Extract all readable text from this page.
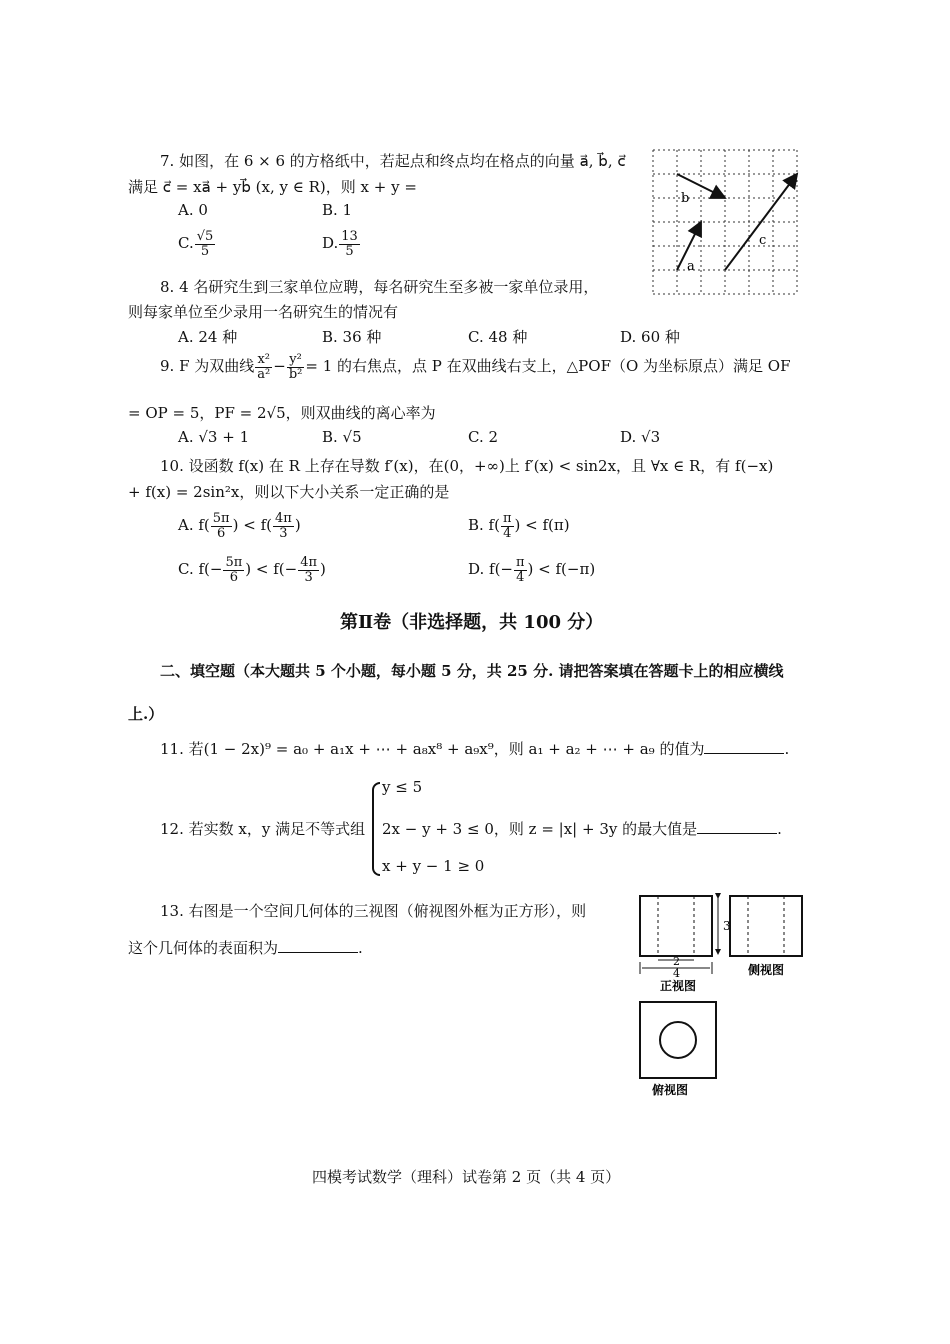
7. 如图，在 6 × 6 的方格纸中，若起点和终点均在格点的向量 a⃗, b⃗, c⃗
满足 c⃗ = xa⃗ + yb⃗ (x, y ∈ R)，则 x + y =
A. 0	B. 1
C. $\frac{√5}{5}$	D. $\frac{13}{5}$
b
a
c
8. 4 名研究生到三家单位应聘，每名研究生至多被一家单位录用，
则每家单位至少录用一名研究生的情况有
A. 24 种	B. 36 种	C. 48 种	D. 60 种
9. F 为双曲线 $\frac{\text{x²}}{\text{a²}} - \frac{\text{y²}}{\text{b²}} = 1$ 的右焦点，点 P 在双曲线右支上，△POF（O 为坐标原点）满足 OF
= OP = 5，PF = 2√5，则双曲线的离心率为
A. √3 + 1	B. √5	C. 2	D. √3
10. 设函数 f(x) 在 R 上存在导数 f′(x)，在(0，+∞)上 f′(x) < sin2x，且 ∀x ∈ R，有 f(−x)
+ f(x) = 2sin²x，则以下大小关系一定正确的是
A. $f( \frac{5\pi}{6}$ ) < $f( \frac{4\pi}{3}$ )	B. $f( \frac{\pi}{4}$ ) < f(π)
C. $f(- \frac{5\pi}{6}$ ) < $f(- \frac{4\pi}{3}$ )	D. $f(- \frac{\pi}{4}$ ) < f(−π)
第Ⅱ卷（非选择题，共 100 分）
二、填空题（本大题共 5 个小题，每小题 5 分，共 25 分. 请把答案填在答题卡上的相应横线
上.）
11. 若(1 − 2x)⁹ = a₀ + a₁x + ⋯ + a₈x⁸ + a₉x⁹，则 a₁ + a₂ + ⋯ + a₉ 的值为	.
12. 若实数 x，y 满足不等式组
y ≤ 5
2x − y + 3 ≤ 0，则 z = |x| + 3y 的最大值是	.
x + y − 1 ≥ 0
13. 右图是一个空间几何体的三视图（俯视图外框为正方形），则
这个几何体的表面积为	.
3
2
4
正视图
侧视图
俯视图
四模考试数学（理科）试卷第 2 页（共 4 页）
